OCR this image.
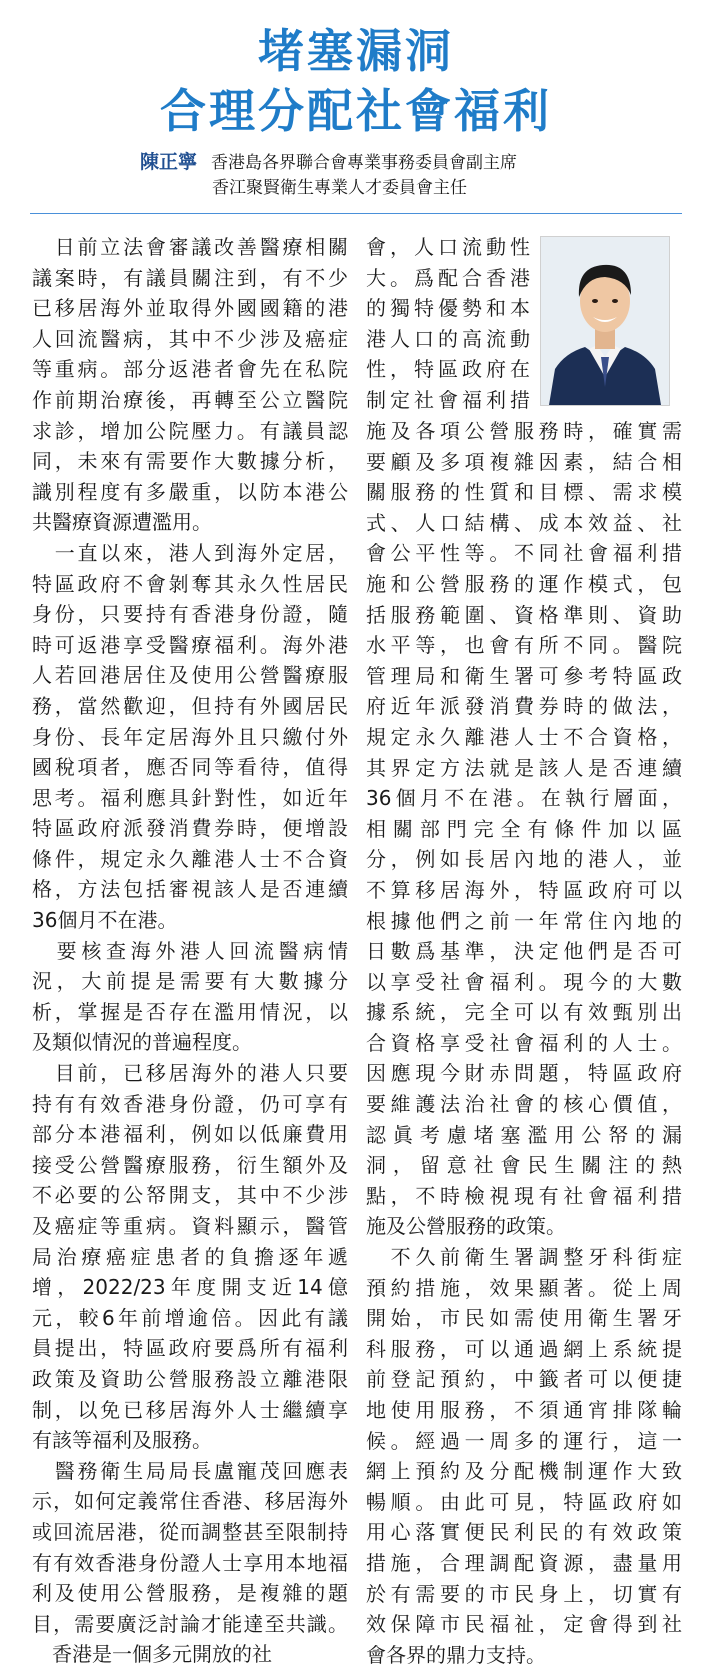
堵塞漏洞
合理分配社會福利
陳正寧 香港島各界聯合會專業事務委員會副主席
香江聚賢衛生專業人才委員會主任
　日前立法會審議改善醫療相關
議案時，有議員關注到，有不少
已移居海外並取得外國國籍的港
人回流醫病，其中不少涉及癌症
等重病。部分返港者會先在私院
作前期治療後，再轉至公立醫院
求診，增加公院壓力。有議員認
同，未來有需要作大數據分析，
識別程度有多嚴重，以防本港公
共醫療資源遭濫用。
　一直以來，港人到海外定居，
特區政府不會剝奪其永久性居民
身份，只要持有香港身份證，隨
時可返港享受醫療福利。海外港
人若回港居住及使用公營醫療服
務，當然歡迎，但持有外國居民
身份、長年定居海外且只繳付外
國稅項者，應否同等看待，值得
思考。福利應具針對性，如近年
特區政府派發消費券時，便增設
條件，規定永久離港人士不合資
格，方法包括審視該人是否連續
36個月不在港。
　要核查海外港人回流醫病情
況，大前提是需要有大數據分
析，掌握是否存在濫用情況，以
及類似情況的普遍程度。
　目前，已移居海外的港人只要
持有有效香港身份證，仍可享有
部分本港福利，例如以低廉費用
接受公營醫療服務，衍生額外及
不必要的公帑開支，其中不少涉
及癌症等重病。資料顯示，醫管
局治療癌症患者的負擔逐年遞
增，2022/23年度開支近14億
元，較6年前增逾倍。因此有議
員提出，特區政府要爲所有福利
政策及資助公營服務設立離港限
制，以免已移居海外人士繼續享
有該等福利及服務。
　醫務衛生局局長盧寵茂回應表
示，如何定義常住香港、移居海外
或回流居港，從而調整甚至限制持
有有效香港身份證人士享用本地福
利及使用公營服務，是複雜的題
目，需要廣泛討論才能達至共識。
　香港是一個多元開放的社
會，人口流動性
大。爲配合香港
的獨特優勢和本
港人口的高流動
性，特區政府在
制定社會福利措
施及各項公營服務時，確實需
要顧及多項複雜因素，結合相
關服務的性質和目標、需求模
式、人口結構、成本效益、社
會公平性等。不同社會福利措
施和公營服務的運作模式，包
括服務範圍、資格準則、資助
水平等，也會有所不同。醫院
管理局和衛生署可參考特區政
府近年派發消費券時的做法，
規定永久離港人士不合資格，
其界定方法就是該人是否連續
36個月不在港。在執行層面，
相關部門完全有條件加以區
分，例如長居內地的港人，並
不算移居海外，特區政府可以
根據他們之前一年常住內地的
日數爲基準，決定他們是否可
以享受社會福利。現今的大數
據系統，完全可以有效甄別出
合資格享受社會福利的人士。
因應現今財赤問題，特區政府
要維護法治社會的核心價值，
認眞考慮堵塞濫用公帑的漏
洞，留意社會民生關注的熱
點，不時檢視現有社會福利措
施及公營服務的政策。
　不久前衛生署調整牙科街症
預約措施，效果顯著。從上周
開始，市民如需使用衛生署牙
科服務，可以通過網上系統提
前登記預約，中籤者可以便捷
地使用服務，不須通宵排隊輪
候。經過一周多的運行，這一
網上預約及分配機制運作大致
暢順。由此可見，特區政府如
用心落實便民利民的有效政策
措施，合理調配資源，盡量用
於有需要的市民身上，切實有
效保障市民福祉，定會得到社
會各界的鼎力支持。
